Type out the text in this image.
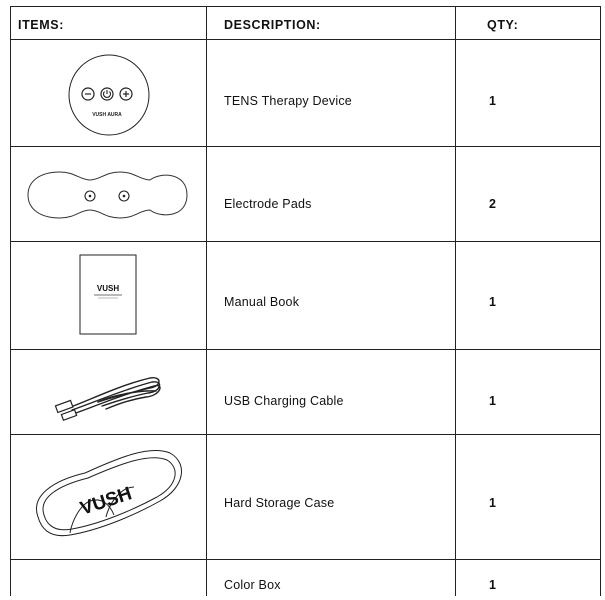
ITEMS:	DESCRIPTION:	QTY:
VUSH AURA
TENS Therapy Device	1
Electrode Pads	2
VUSH
Manual Book	1
USB Charging Cable	1
VUSH	Hard Storage Case	1
Color Box	1
